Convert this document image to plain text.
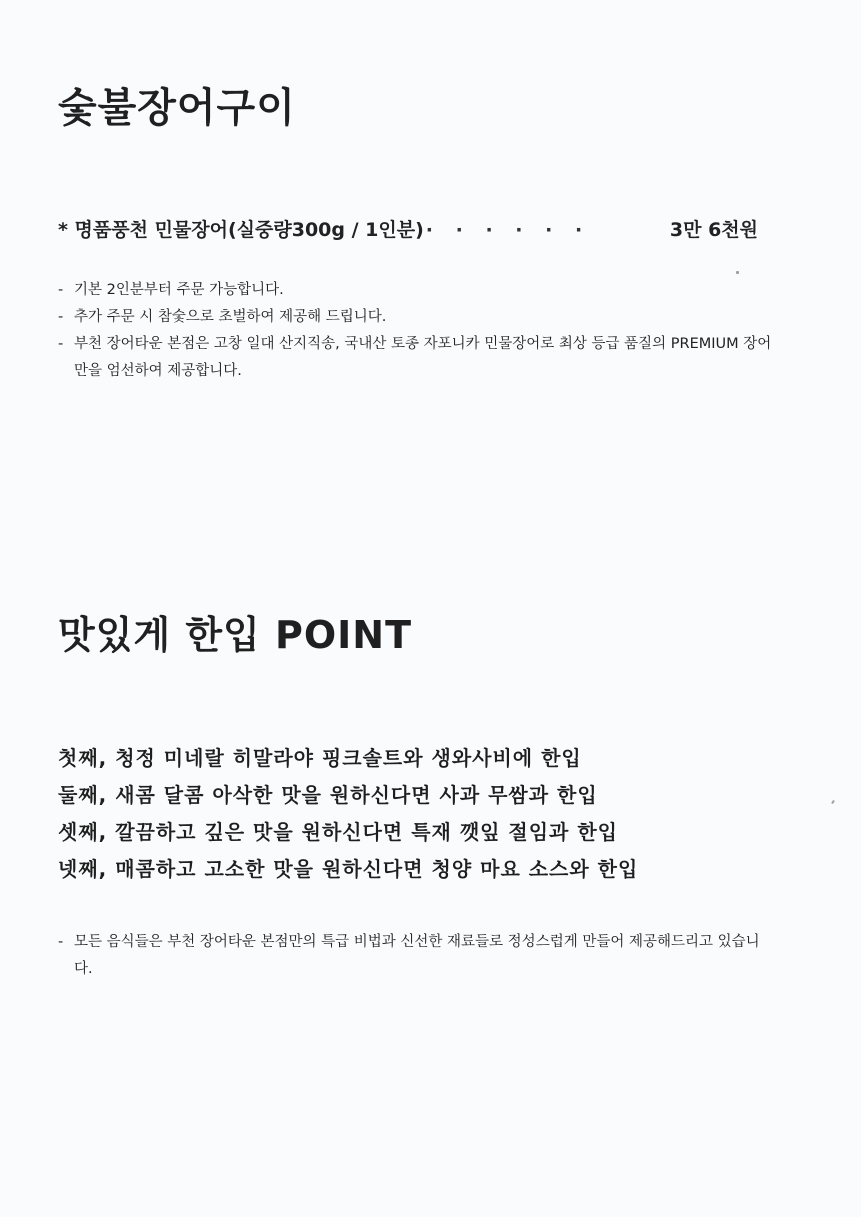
숯불장어구이
* 명품풍천 민물장어(실중량300g / 1인분) · · · · · ·	3만 6천원
- 기본 2인분부터 주문 가능합니다.
- 추가 주문 시 참숯으로 초벌하여 제공해 드립니다.
- 부천 장어타운 본점은 고창 일대 산지직송, 국내산 토종 자포니카 민물장어로 최상 등급 품질의 PREMIUM 장어만을 엄선하여 제공합니다.
맛있게 한입 POINT
첫째, 청정 미네랄 히말라야 핑크솔트와 생와사비에 한입
둘째, 새콤 달콤 아삭한 맛을 원하신다면 사과 무쌈과 한입
셋째, 깔끔하고 깊은 맛을 원하신다면 특재 깻잎 절임과 한입
넷째, 매콤하고 고소한 맛을 원하신다면 청양 마요 소스와 한입
- 모든 음식들은 부천 장어타운 본점만의 특급 비법과 신선한 재료들로 정성스럽게 만들어 제공해드리고 있습니다.
